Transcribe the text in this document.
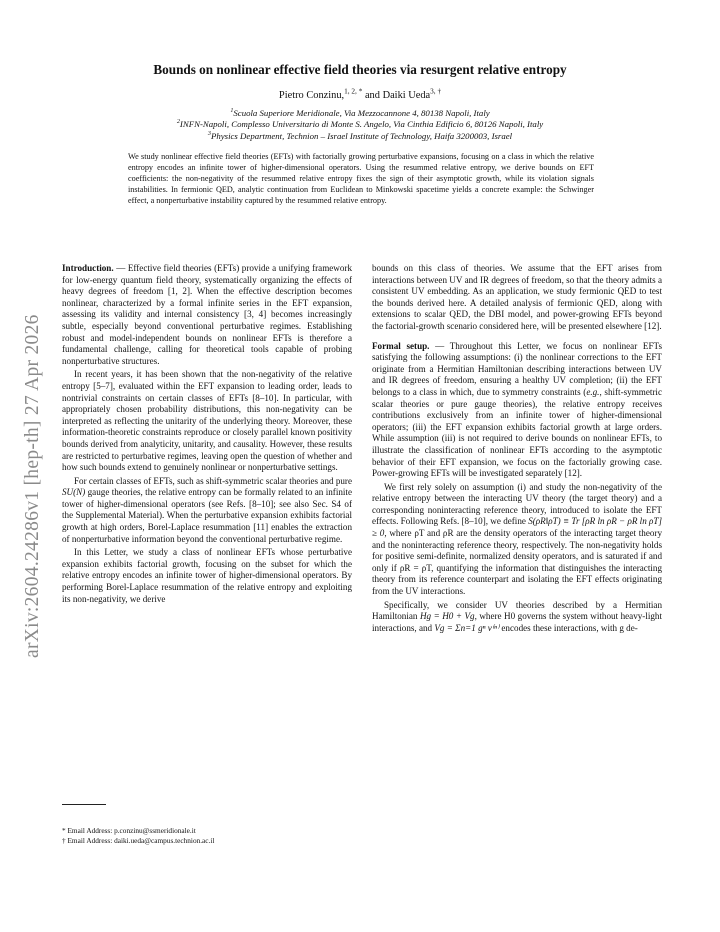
arXiv:2604.24286v1 [hep-th] 27 Apr 2026
Bounds on nonlinear effective field theories via resurgent relative entropy
Pietro Conzinu,$^{1, 2, *}$ and Daiki Ueda$^{3, \dagger}$
$^1$Scuola Superiore Meridionale, Via Mezzocannone 4, 80138 Napoli, Italy
$^2$INFN-Napoli, Complesso Universitario di Monte S. Angelo, Via Cinthia Edificio 6, 80126 Napoli, Italy
$^3$Physics Department, Technion – Israel Institute of Technology, Haifa 3200003, Israel
We study nonlinear effective field theories (EFTs) with factorially growing perturbative expansions, focusing on a class in which the relative entropy encodes an infinite tower of higher-dimensional operators. Using the resummed relative entropy, we derive bounds on EFT coefficients: the non-negativity of the resummed relative entropy fixes the sign of their asymptotic growth, while its violation signals instabilities. In fermionic QED, analytic continuation from Euclidean to Minkowski spacetime yields a concrete example: the Schwinger effect, a nonperturbative instability captured by the resummed relative entropy.

Introduction. — Effective field theories (EFTs) provide a unifying framework for low-energy quantum field theory, systematically organizing the effects of heavy degrees of freedom [1, 2]. When the effective description becomes nonlinear, characterized by a formal infinite series in the EFT expansion, assessing its validity and internal consistency [3, 4] becomes increasingly subtle, especially beyond conventional perturbative regimes. Establishing robust and model-independent bounds on nonlinear EFTs is therefore a fundamental challenge, calling for theoretical tools capable of probing nonperturbative structures.

In recent years, it has been shown that the non-negativity of the relative entropy [5–7], evaluated within the EFT expansion to leading order, leads to nontrivial constraints on certain classes of EFTs [8–10]. In particular, with appropriately chosen probability distributions, this non-negativity can be interpreted as reflecting the unitarity of the underlying theory. Moreover, these information-theoretic constraints reproduce or closely parallel known positivity bounds derived from analyticity, unitarity, and causality. However, these results are restricted to perturbative regimes, leaving open the question of whether and how such bounds extend to genuinely nonlinear or nonperturbative settings.

For certain classes of EFTs, such as shift-symmetric scalar theories and pure SU(N) gauge theories, the relative entropy can be formally related to an infinite tower of higher-dimensional operators (see Refs. [8–10]; see also Sec. S4 of the Supplemental Material). When the perturbative expansion exhibits factorial growth at high orders, Borel-Laplace resummation [11] enables the extraction of nonperturbative information beyond the conventional perturbative regime.

In this Letter, we study a class of nonlinear EFTs whose perturbative expansion exhibits factorial growth, focusing on the subset for which the relative entropy encodes an infinite tower of higher-dimensional operators. By performing Borel-Laplace resummation of the relative entropy and exploiting its non-negativity, we derive

bounds on this class of theories. We assume that the EFT arises from interactions between UV and IR degrees of freedom, so that the theory admits a consistent UV embedding. As an application, we study fermionic QED to test the bounds derived here. A detailed analysis of fermionic QED, along with extensions to scalar QED, the DBI model, and power-growing EFTs beyond the factorial-growth scenario considered here, will be presented elsewhere [12].

Formal setup. — Throughout this Letter, we focus on nonlinear EFTs satisfying the following assumptions: (i) the nonlinear corrections to the EFT originate from a Hermitian Hamiltonian describing interactions between UV and IR degrees of freedom, ensuring a healthy UV completion; (ii) the EFT belongs to a class in which, due to symmetry constraints (e.g., shift-symmetric scalar theories or pure gauge theories), the relative entropy receives contributions exclusively from an infinite tower of higher-dimensional operators; (iii) the EFT expansion exhibits factorial growth at large orders. While assumption (iii) is not required to derive bounds on nonlinear EFTs, to illustrate the classification of nonlinear EFTs according to the asymptotic behavior of their EFT expansion, we focus on the factorially growing case. Power-growing EFTs will be investigated separately [12].

We first rely solely on assumption (i) and study the non-negativity of the relative entropy between the interacting UV theory (the target theory) and a corresponding noninteracting reference theory, introduced to isolate the EFT effects. Following Refs. [8–10], we define S(ρR‖ρT) ≡ Tr [ρR ln ρR − ρR ln ρT] ≥ 0, where ρT and ρR are the density operators of the interacting target theory and the noninteracting reference theory, respectively. The non-negativity holds for positive semi-definite, normalized density operators, and is saturated if and only if ρR = ρT, quantifying the information that distinguishes the interacting theory from its reference counterpart and isolating the EFT effects originating from the UV interactions.

Specifically, we consider UV theories described by a Hermitian Hamiltonian Hg = H0 + Vg, where H0 governs the system without heavy-light interactions, and Vg = Σn=1 gⁿ v⁽ⁿ⁾ encodes these interactions, with g de-

* Email Address: p.conzinu@ssmeridionale.it
† Email Address: daiki.ueda@campus.technion.ac.il
